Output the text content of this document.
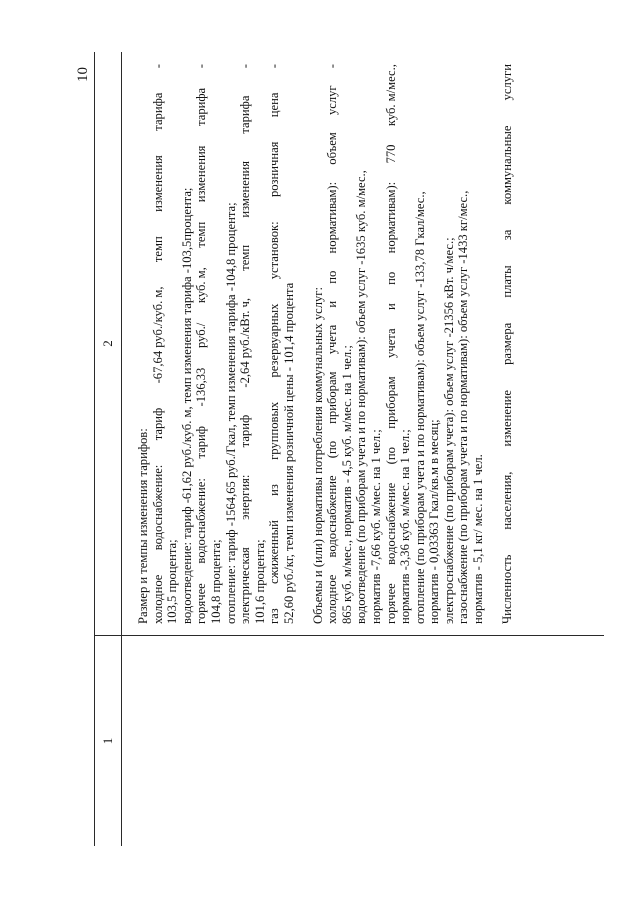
10
1
2
Размер и темпы изменения тарифов: холодное
водоснабжение:
тариф
-67,64 руб./куб. м,
темп
изменения
тарифа
-
103,5 процента; водоотведение: тариф -61,62 руб./куб. м, темп изменения тарифа -103,5процента; горячее
водоснабжение:
тариф
-136,33
руб./
куб. м,
темп
изменения
тарифа
-
104,8 процента; отопление: тариф -1564,65 руб./Гкал, темп изменения тарифа -104,8 процента; электрическая
энергия:
тариф
-2,64 руб./кВт. ч,
темп
изменения
тарифа
-
101,6 процента; газ
сжиженный
из
групповых
резервуарных
установок:
розничная
цена
-
52,60 руб./кг, темп изменения розничной цены - 101,4 процента Объемы и (или) нормативы потребления коммунальных услуг: холодное
водоснабжение
(по
приборам
учета
и
по
нормативам):
объем
услуг
-
865 куб. м/мес., норматив - 4,5 куб. м/мес. на 1 чел.; водоотведение (по приборам учета и по нормативам): объем услуг -1635 куб. м/мес., норматив -7,66 куб. м/мес. на 1 чел.; горячее
водоснабжение
(по
приборам
учета
и
по
нормативам):
770
куб. м/мес.,
норматив -3,36 куб. м/мес. на 1 чел.; отопление (по приборам учета и по нормативам): объем услуг -133,78 Гкал/мес., норматив - 0,03363 Гкал/кв.м в месяц; электроснабжение (по приборам учета): объем услуг -21356 кВт. ч/мес.; газоснабжение (по приборам учета и по нормативам): объем услуг -1433 кг/мес., норматив - 5,1 кг/ мес. на 1 чел. Численность
населения,
изменение
размера
платы
за
коммунальные
услуги
